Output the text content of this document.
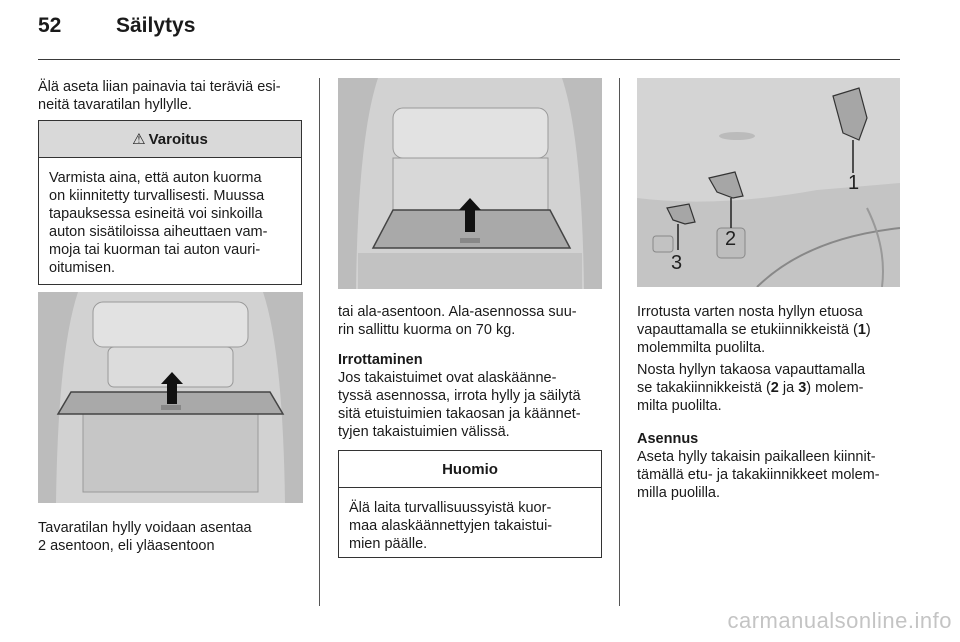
52	Säilytys
Älä aseta liian painavia tai teräviä esi-
neitä tavaratilan hyllylle.
⚠ Varoitus
Varmista aina, että auton kuorma
on kiinnitetty turvallisesti. Muussa
tapauksessa esineitä voi sinkoilla
auton sisätiloissa aiheuttaen vam-
moja tai kuorman tai auton vauri-
oitumisen.
Tavaratilan hylly voidaan asentaa
2 asentoon, eli yläasentoon
tai ala-asentoon. Ala-asennossa suu-
rin sallittu kuorma on 70 kg.
Irrottaminen
Jos takaistuimet ovat alaskäänne-
tyssä asennossa, irrota hylly ja säilytä
sitä etuistuimien takaosan ja käännet-
tyjen takaistuimien välissä.
Huomio
Älä laita turvallisuussyistä kuor-
maa alaskäännettyjen takaistui-
mien päälle.
1
2
3
Irrotusta varten nosta hyllyn etuosa
vapauttamalla se etukiinnikkeistä (1)
molemmilta puolilta.
Nosta hyllyn takaosa vapauttamalla
se takakiinnikkeistä (2 ja 3) molem-
milta puolilta.
Asennus
Aseta hylly takaisin paikalleen kiinnit-
tämällä etu- ja takakiinnikkeet molem-
milla puolilla.
carmanualsonline.info
